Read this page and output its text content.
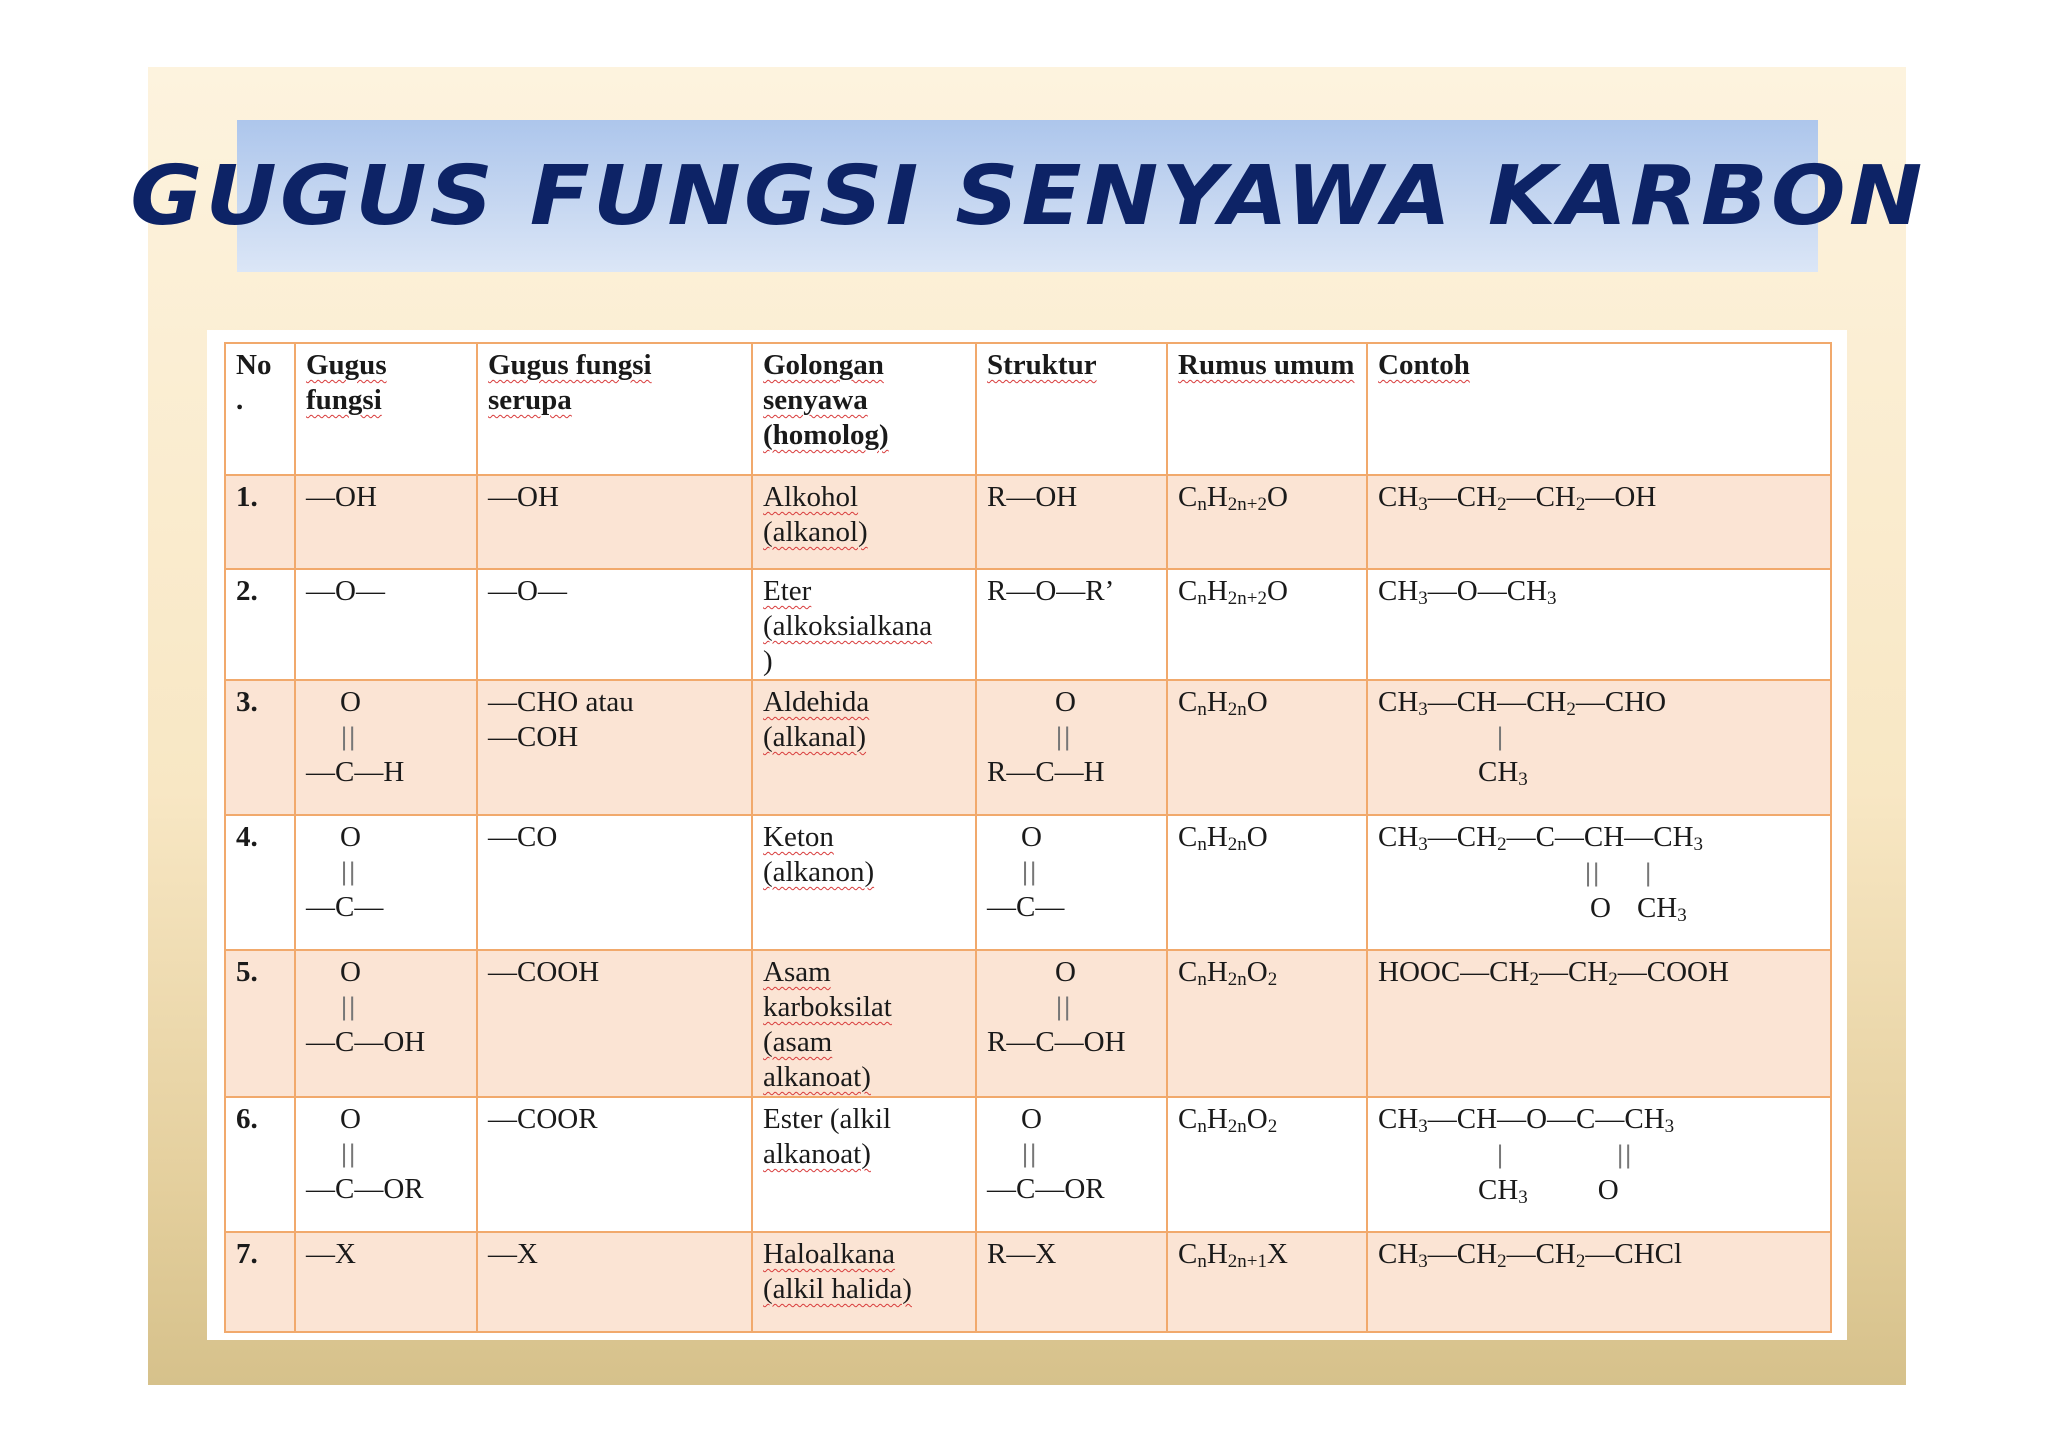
GUGUS FUNGSI SENYAWA KARBON
No .	Gugus fungsi	Gugus fungsi serupa	Golongan senyawa (homolog)	Struktur	Rumus umum	Contoh
1.	—OH	—OH	Alkohol
(alkanol)	R—OH	$C_nH_{2n+2}O$	$CH_3—CH_2—CH_2—OH$

2.	—O—	—O—	Eter
(alkoksialkana
)	R—O—R’	$C_nH_{2n+2}O$	$CH_3—O—CH_3$

3.	O
||
—C—H	—CHO atau
—COH	Aldehida
(alkanal)	O
||
R—C—H	$C_nH_{2n}O$	$CH_3—CH—CH_2—CHO$
|
$CH_3$

4.	O
||
—C—	—CO	Keton
(alkanon)	O
||
—C—	$C_nH_{2n}O$	$CH_3—CH_2—C—CH—CH_3$
|| |
O $CH_3$

5.	O
||
—C—OH	—COOH	Asam
karboksilat
(asam
alkanoat)	O
||
R—C—OH	$C_nH_{2n}O_2$	$HOOC—CH_2—CH_2—COOH$

6.	O
||
—C—OR	—COOR	Ester (alkil
alkanoat)	O
||
—C—OR	$C_nH_{2n}O_2$	$CH_3—CH—O—C—CH_3$
| ||
$CH_3$ O

7.	—X	—X	Haloalkana
(alkil halida)	R—X	$C_nH_{2n+1}X$	$CH_3—CH_2—CH_2—CHCl$
